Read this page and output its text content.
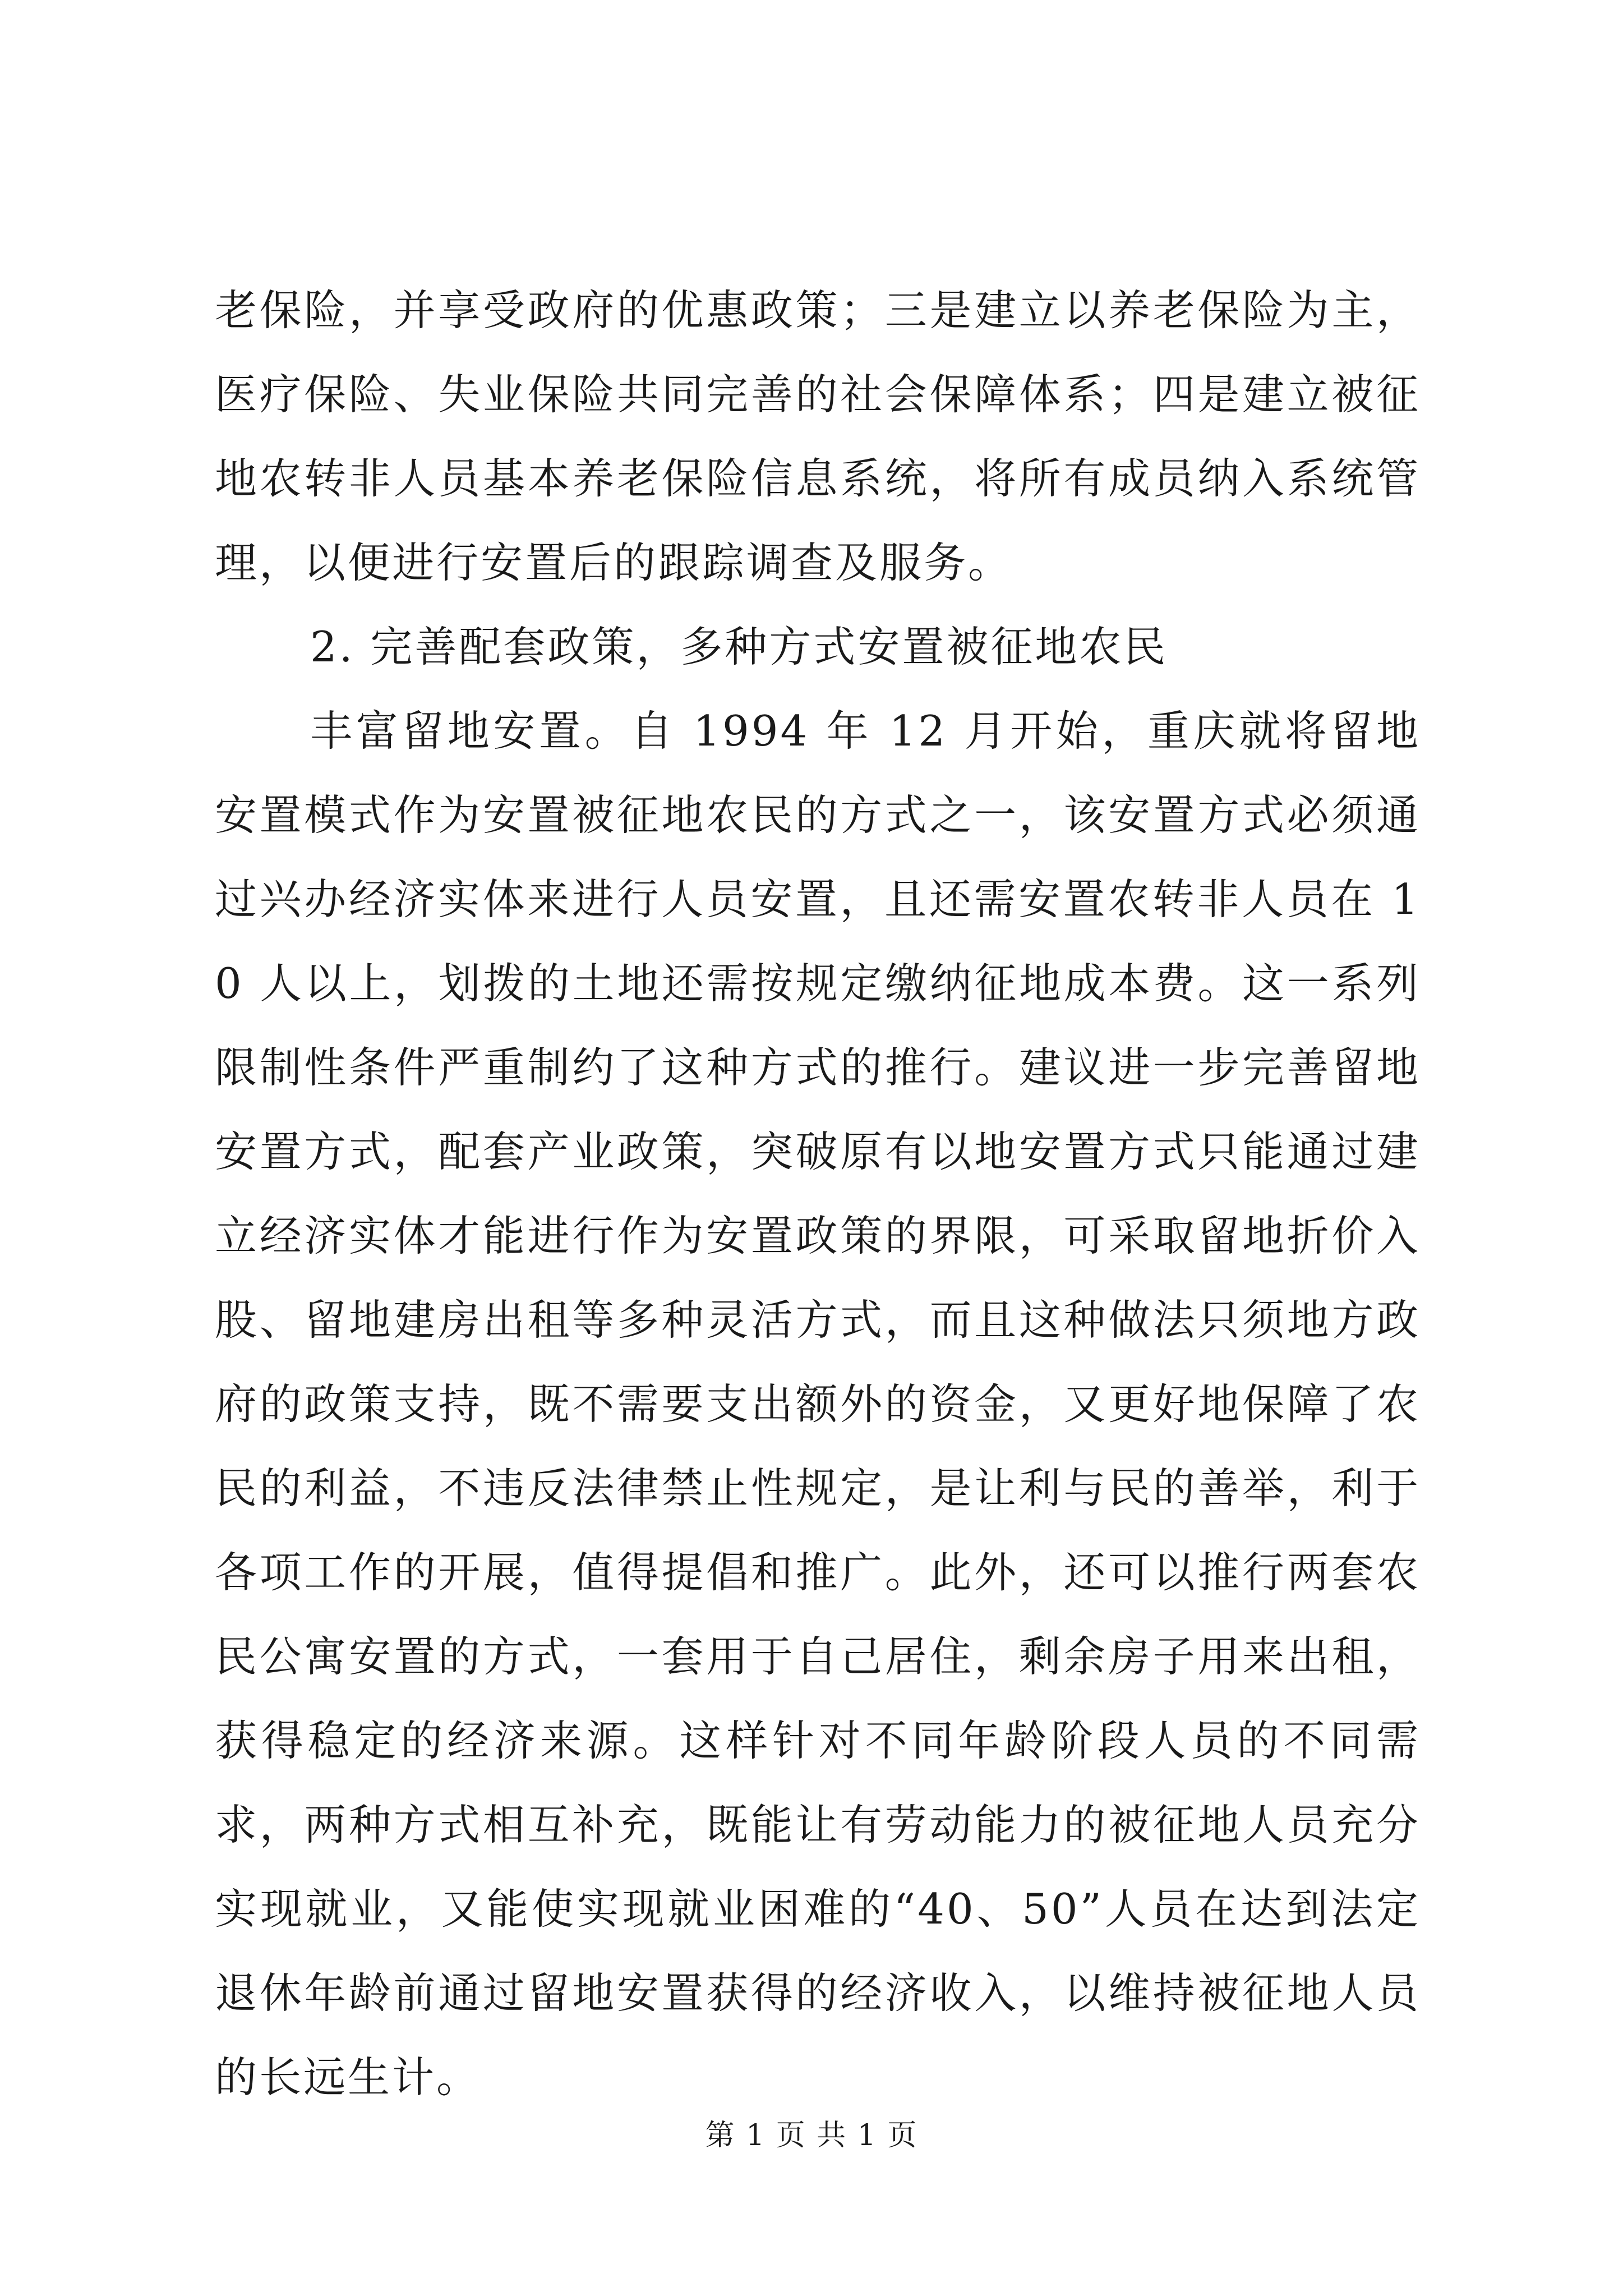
老保险，并享受政府的优惠政策；三是建立以养老保险为主，医疗保险、失业保险共同完善的社会保障体系；四是建立被征地农转非人员基本养老保险信息系统，将所有成员纳入系统管理，以便进行安置后的跟踪调查及服务。

2. 完善配套政策，多种方式安置被征地农民

丰富留地安置。自 1994 年 12 月开始，重庆就将留地安置模式作为安置被征地农民的方式之一，该安置方式必须通过兴办经济实体来进行人员安置，且还需安置农转非人员在 10 人以上，划拨的土地还需按规定缴纳征地成本费。这一系列限制性条件严重制约了这种方式的推行。建议进一步完善留地安置方式，配套产业政策，突破原有以地安置方式只能通过建立经济实体才能进行作为安置政策的界限，可采取留地折价入股、留地建房出租等多种灵活方式，而且这种做法只须地方政府的政策支持，既不需要支出额外的资金，又更好地保障了农民的利益，不违反法律禁止性规定，是让利与民的善举，利于各项工作的开展，值得提倡和推广。此外，还可以推行两套农民公寓安置的方式，一套用于自己居住，剩余房子用来出租，获得稳定的经济来源。这样针对不同年龄阶段人员的不同需求，两种方式相互补充，既能让有劳动能力的被征地人员充分实现就业，又能使实现就业困难的“40、50”人员在达到法定退休年龄前通过留地安置获得的经济收入，以维持被征地人员的长远生计。

第 1 页 共 1 页
